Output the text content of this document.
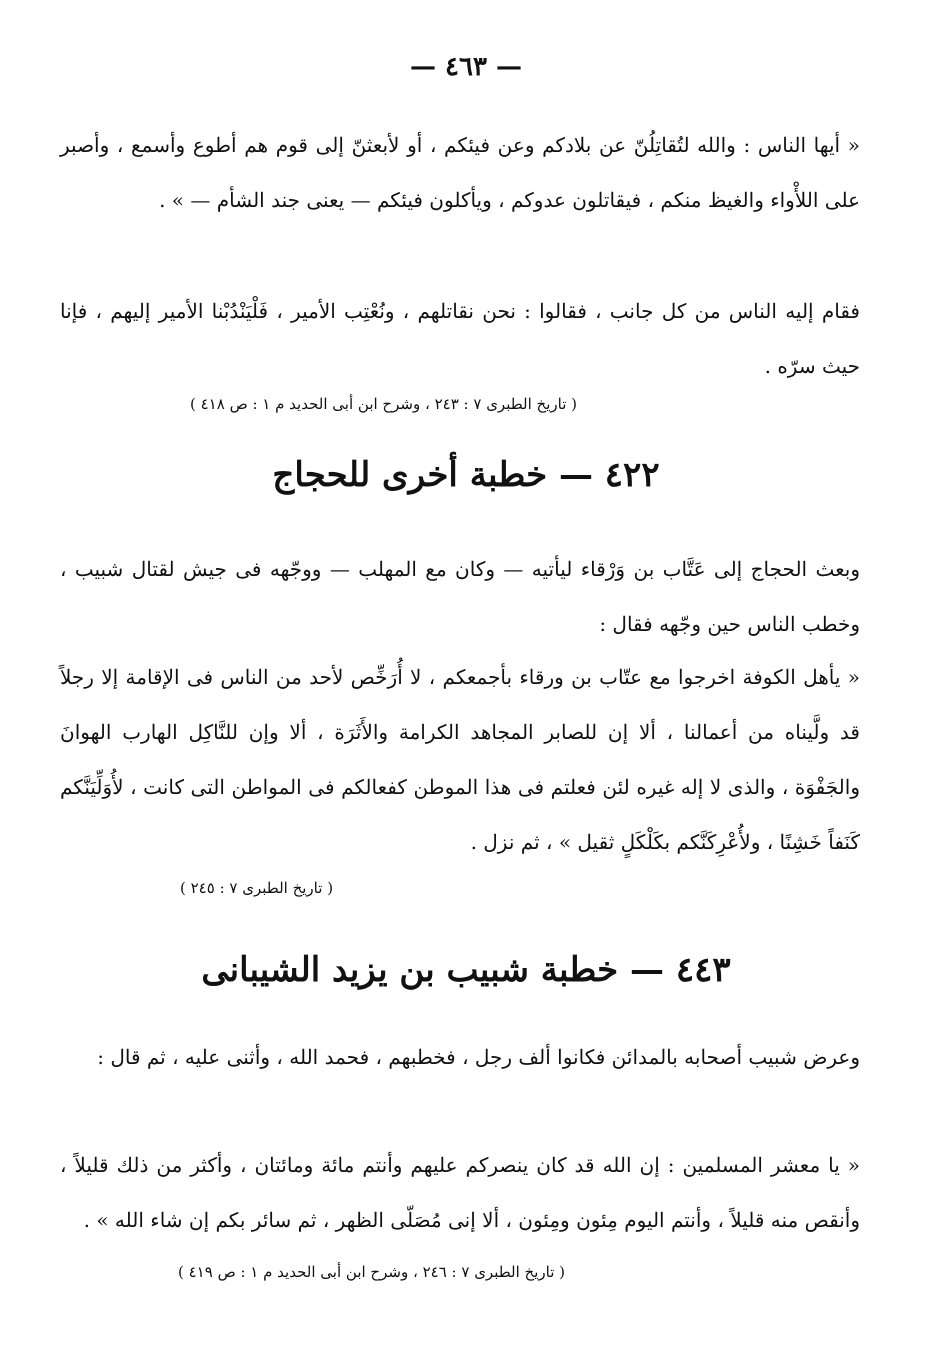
— ٤٦٣ —

« أيها الناس : والله لتُقاتِلُنّ عن بلادكم وعن فيئكم ، أو لأبعثنّ إلى قوم هم أطوع وأسمع ، وأصبر على اللأْواء والغيظ منكم ، فيقاتلون عدوكم ، ويأكلون فيئكم — يعنى جند الشأم — » .

فقام إليه الناس من كل جانب ، فقالوا : نحن نقاتلهم ، ونُعْتِب الأمير ، فَلْيَنْدُبْنا الأمير إليهم ، فإنا حيث سرّه .

( تاريخ الطبرى ٧ : ٢٤٣ ، وشرح ابن أبى الحديد م ١ : ص ٤١٨ )
٤٢٢ — خطبة أخرى للحجاج

وبعث الحجاج إلى عَتَّاب بن وَرْقاء ليأتيه — وكان مع المهلب — ووجّهه فى جيش لقتال شبيب ، وخطب الناس حين وجّهه فقال :

« يأهل الكوفة اخرجوا مع عتّاب بن ورقاء بأجمعكم ، لا أُرَخِّص لأحد من الناس فى الإقامة إلا رجلاً قد ولَّيناه من أعمالنا ، ألا إن للصابر المجاهد الكرامة والأَثَرَة ، ألا وإن للنَّاكِل الهارب الهوانَ والجَفْوَة ، والذى لا إله غيره لئن فعلتم فى هذا الموطن كفعالكم فى المواطن التى كانت ، لأُوَلِّيَنَّكم كَنَفاً خَشِنًا ، ولأُعْرِكَنَّكم بكَلْكَلٍ ثقيل » ، ثم نزل .

( تاريخ الطبرى ٧ : ٢٤٥ )
٤٤٣ — خطبة شبيب بن يزيد الشيبانى

وعرض شبيب أصحابه بالمدائن فكانوا ألف رجل ، فخطبهم ، فحمد الله ، وأثنى عليه ، ثم قال :

« يا معشر المسلمين : إن الله قد كان ينصركم عليهم وأنتم مائة ومائتان ، وأكثر من ذلك قليلاً ، وأنقص منه قليلاً ، وأنتم اليوم مِئون ومِئون ، ألا إنى مُصَلّى الظهر ، ثم سائر بكم إن شاء الله » .

( تاريخ الطبرى ٧ : ٢٤٦ ، وشرح ابن أبى الحديد م ١ : ص ٤١٩ )
